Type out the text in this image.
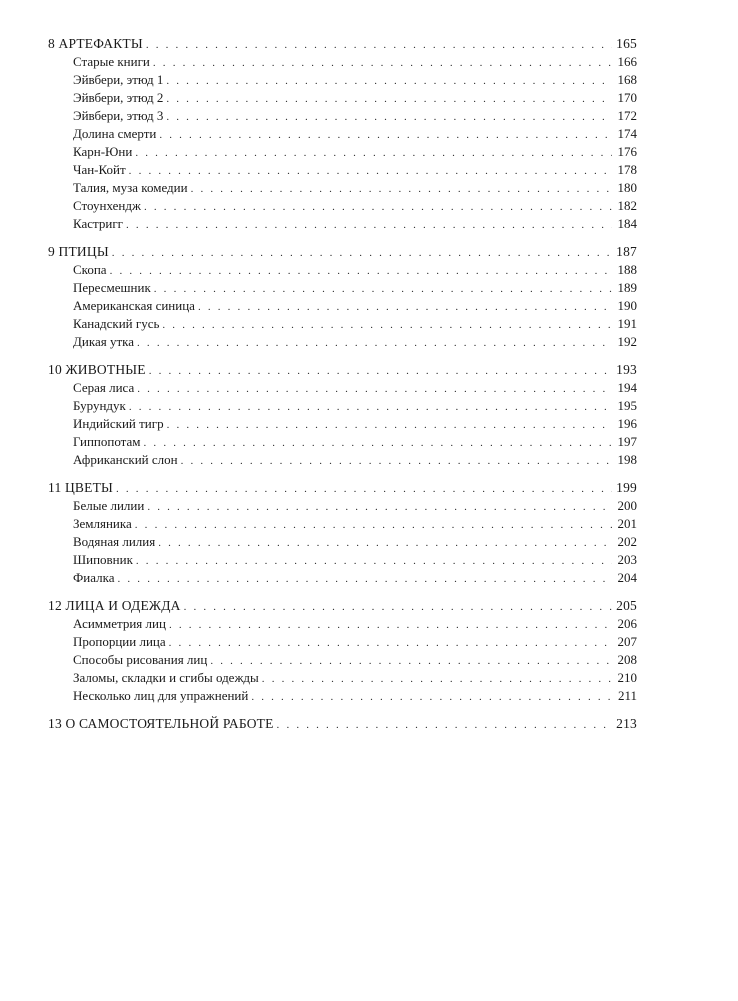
8 АРТЕФАКТЫ . . .	165
Старые книги . . .	166
Эйвбери, этюд 1 . . .	168
Эйвбери, этюд 2 . . .	170
Эйвбери, этюд 3 . . .	172
Долина смерти . . .	174
Карн-Юни . . .	176
Чан-Койт . . .	178
Талия, муза комедии . . .	180
Стоунхендж . . .	182
Кастригг . . .	184
9 ПТИЦЫ . . .	187
Скопа . . .	188
Пересмешник . . .	189
Американская синица . . .	190
Канадский гусь . . .	191
Дикая утка . . .	192
10 ЖИВОТНЫЕ . . .	193
Серая лиса . . .	194
Бурундук . . .	195
Индийский тигр . . .	196
Гиппопотам . . .	197
Африканский слон . . .	198
11 ЦВЕТЫ . . .	199
Белые лилии . . .	200
Земляника . . .	201
Водяная лилия . . .	202
Шиповник . . .	203
Фиалка . . .	204
12 ЛИЦА И ОДЕЖДА . . .	205
Асимметрия лиц . . .	206
Пропорции лица . . .	207
Способы рисования лиц . . .	208
Заломы, складки и сгибы одежды . . .	210
Несколько лиц для упражнений . . .	211
13 О САМОСТОЯТЕЛЬНОЙ РАБОТЕ . . .	213
